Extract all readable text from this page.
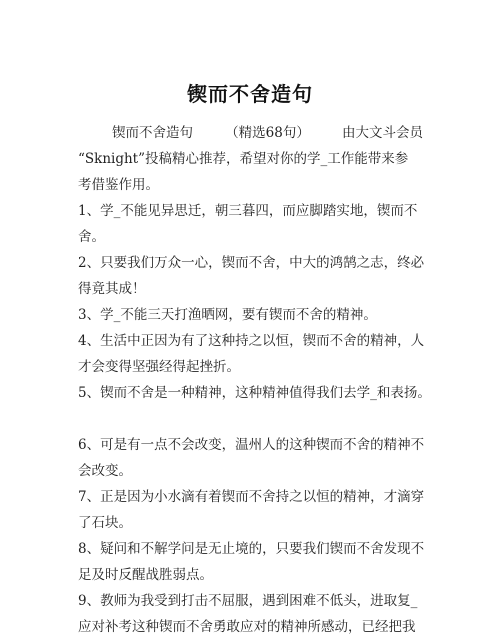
锲而不舍造句
锲而不舍造句 （精选68句） 由大文斗会员
“Sknight”投稿精心推荐，希望对你的学_工作能带来参
考借鉴作用。
1、学_不能见异思迁，朝三暮四，而应脚踏实地，锲而不
舍。
2、只要我们万众一心，锲而不舍，中大的鸿鹄之志，终必
得竟其成！
3、学_不能三天打渔晒网，要有锲而不舍的精神。
4、生活中正因为有了这种持之以恒，锲而不舍的精神，人
才会变得坚强经得起挫折。
5、锲而不舍是一种精神，这种精神值得我们去学_和表扬。
6、可是有一点不会改变，温州人的这种锲而不舍的精神不
会改变。
7、正是因为小水滴有着锲而不舍持之以恒的精神，才滴穿
了石块。
8、疑问和不解学问是无止境的，只要我们锲而不舍发现不
足及时反醒战胜弱点。
9、教师为我受到打击不屈服，遇到困难不低头，进取复_
应对补考这种锲而不舍勇敢应对的精神所感动，已经把我
